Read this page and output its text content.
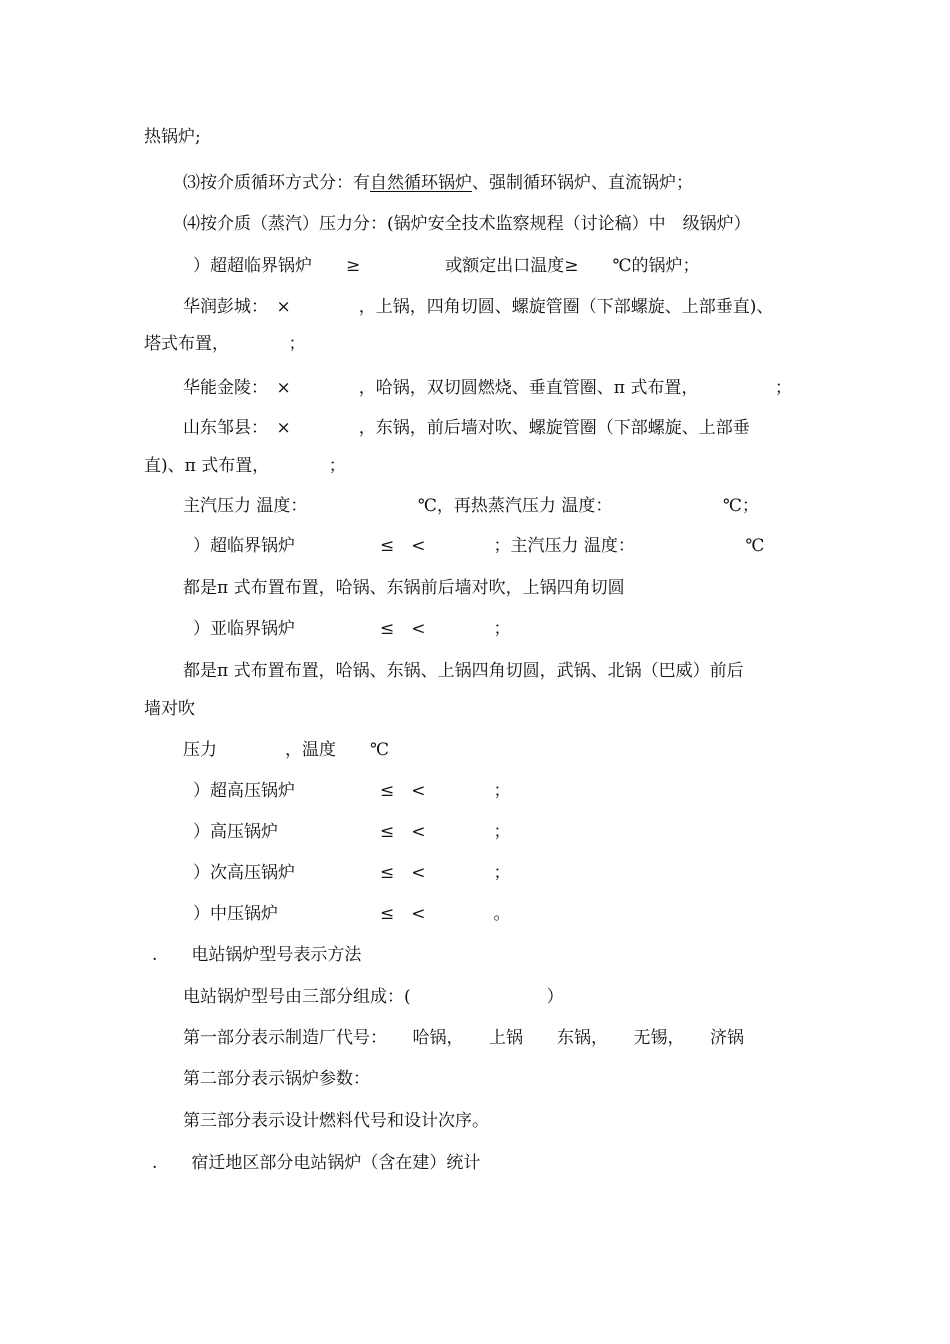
热锅炉;

⑶按介质循环方式分：有自然循环锅炉、强制循环锅炉、直流锅炉；

⑷按介质（蒸汽）压力分：(锅炉安全技术监察规程（讨论稿）中　级锅炉）

）超超临界锅炉　　≥　　　　　或额定出口温度≥　　℃的锅炉；

华润彭城：　×　　　　，上锅，四角切圆、螺旋管圈（下部螺旋、上部垂直)、

塔式布置，　　　　；

华能金陵：　×　　　　，哈锅，双切圆燃烧、垂直管圈、π 式布置，　　　　　；

山东邹县：　×　　　　，东锅，前后墙对吹、螺旋管圈（下部螺旋、上部垂

直)、π 式布置，　　　　；

主汽压力 温度：　　　　　　　℃，再热蒸汽压力 温度：　　　　　　　℃；

）超临界锅炉　　　　　≤　<　　　　；主汽压力 温度：　　　　　　　℃

都是π 式布置布置，哈锅、东锅前后墙对吹，上锅四角切圆

）亚临界锅炉　　　　　≤　<　　　　；

都是π 式布置布置，哈锅、东锅、上锅四角切圆，武锅、北锅（巴威）前后

墙对吹

压力　　　　，温度　　℃

）超高压锅炉　　　　　≤　<　　　　；

）高压锅炉　　　　　　≤　<　　　　；

）次高压锅炉　　　　　≤　<　　　　；

）中压锅炉　　　　　　≤　<　　　　。

.　　电站锅炉型号表示方法

电站锅炉型号由三部分组成：(　　　　　　　　）

第一部分表示制造厂代号：　　哈锅，　　上锅　　东锅，　　无锡，　　济锅

第二部分表示锅炉参数：

第三部分表示设计燃料代号和设计次序。

.　　宿迁地区部分电站锅炉（含在建）统计
